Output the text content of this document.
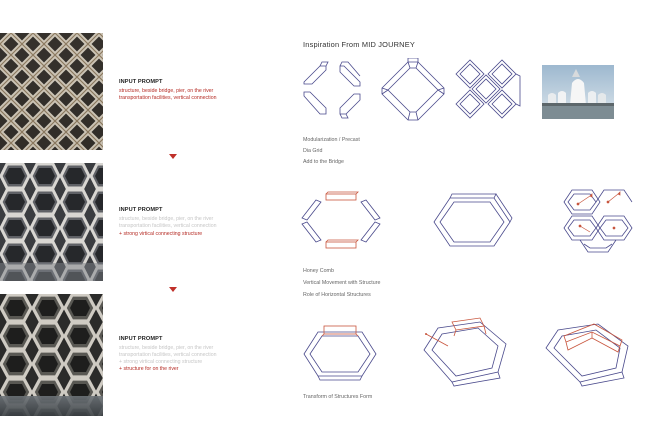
INPUT PROMPT
structure, beside bridge, pier, on the river
transportation facilities, vertical connection
INPUT PROMPT
structure, beside bridge, pier, on the river
transportation facilities, vertical connection
+ strong virtical connecting structure
INPUT PROMPT
structure, beside bridge, pier, on the river
transportation facilities, vertical connection
+ strong virtical connecting structure
+ structure for on the river
Inspiration From MID JOURNEY
Modularization / Precast
Dia Grid
Add to the Bridge
Honey Comb
Vertical Movement with Structure
Role of Horizontal Structures
Transform of Structures Form
